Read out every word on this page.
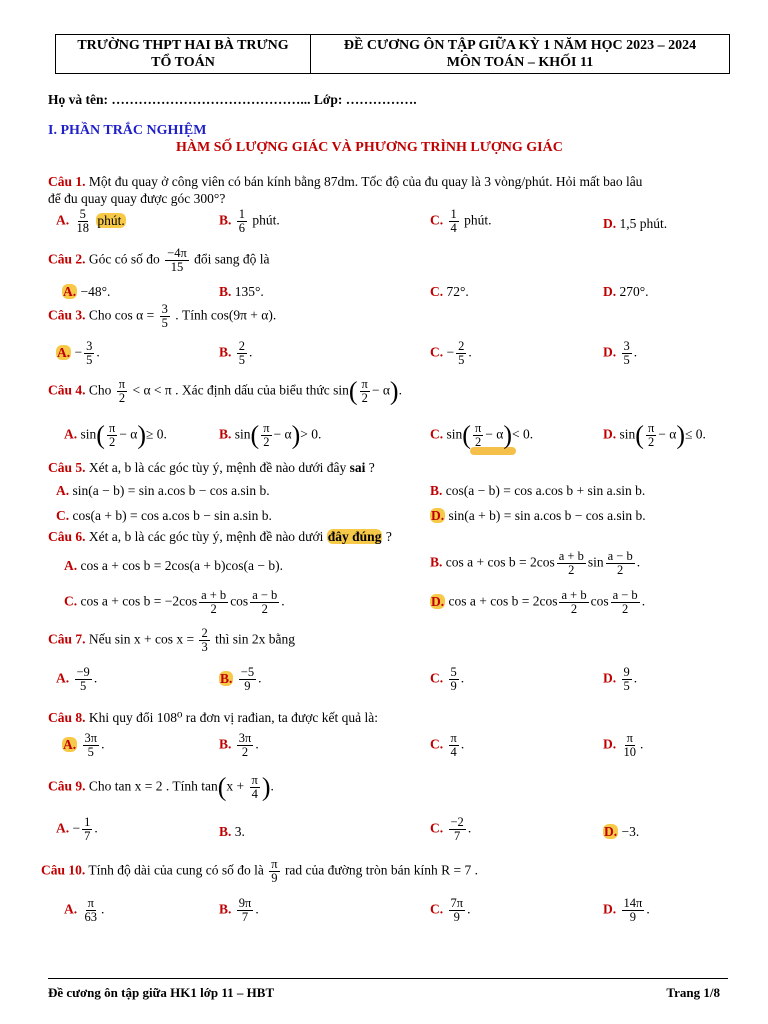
TRƯỜNG THPT HAI BÀ TRƯNG
TỔ TOÁN
ĐỀ CƯƠNG ÔN TẬP GIỮA KỲ 1 NĂM HỌC 2023 – 2024
MÔN TOÁN – KHỐI 11
Họ và tên: ……………………………………... Lớp: …………….
I. PHẦN TRẮC NGHIỆM
HÀM SỐ LƯỢNG GIÁC VÀ PHƯƠNG TRÌNH LƯỢNG GIÁC
Câu 1. Một đu quay ở công viên có bán kính bằng 87dm. Tốc độ của đu quay là 3 vòng/phút. Hỏi mất bao lâu
để đu quay quay được góc 300°?
A. $\frac{5}{18}$ phút.	B. $\frac{1}{6}$ phút.	C. $\frac{1}{4}$ phút.	D. 1,5 phút.
Câu 2. Góc có số đo $\frac{-4\pi}{15}$ đổi sang độ là
A. −48°.	B. 135°.	C. 72°.	D. 270°.
Câu 3. Cho $\cos \alpha = \frac{3}{5}$ . Tính cos(9π + α).
A. − $\frac{3}{5}$ .	B. $\frac{2}{5}$ .	C. − $\frac{2}{5}$ .	D. $\frac{3}{5}$ .
Câu 4. Cho $\frac{\pi}{2} < \alpha < \pi$ . Xác định dấu của biểu thức $\sin( \frac{\pi}{2} - \alpha)$.
A. $\sin( \frac{\pi}{2} - \alpha)\ge 0$.	B. $\sin( \frac{\pi}{2} - \alpha)> 0$.	C. $\sin( \frac{\pi}{2} - \alpha)< 0$.	D. $\sin( \frac{\pi}{2} - \alpha)\le 0$.
Câu 5. Xét a, b là các góc tùy ý, mệnh đề nào dưới đây sai ?
A. sin(a − b) = sin a.cos b − cos a.sin b.	B. cos(a − b) = cos a.cos b + sin a.sin b.
C. cos(a + b) = cos a.cos b − sin a.sin b.	D. sin(a + b) = sin a.cos b − cos a.sin b.
Câu 6. Xét a, b là các góc tùy ý, mệnh đề nào dưới đây đúng ?
A. cos a + cos b = 2cos(a + b)cos(a − b).	B. $\cos a + \cos b = 2\cos \frac{a + b}{2}$ $\sin \frac{a - b}{2}$ .
C. $\cos a + \cos b = -2\cos \frac{a + b}{2}$ $\cos \frac{a - b}{2}$ .	D. $\cos a + \cos b = 2\cos \frac{a + b}{2}$ $\cos \frac{a - b}{2}$ .
Câu 7. Nếu $\sin x + \cos x = \frac{2}{3}$ thì sin 2x bằng
A. $\frac{-9}{5}$ .	B. $\frac{-5}{9}$ .	C. $\frac{5}{9}$ .	D. $\frac{9}{5}$ .
Câu 8. Khi quy đổi 108⁰ ra đơn vị rađian, ta được kết quả là:
A. $\frac{3\pi}{5}$ .	B. $\frac{3\pi}{2}$ .	C. $\frac{\pi}{4}$ .	D. $\frac{\pi}{10}$ .
Câu 9. Cho tan x = 2 . Tính $\tan(x + \frac{\pi}{4}$ ).
A. − $\frac{1}{7}$ .	B. 3.	C. $\frac{-2}{7}$ .	D. −3.
Câu 10. Tính độ dài của cung có số đo là $\frac{\pi}{9}$ rad của đường tròn bán kính R = 7 .
A. $\frac{\pi}{63}$ .	B. $\frac{9\pi}{7}$ .	C. $\frac{7\pi}{9}$ .	D. $\frac{14\pi}{9}$ .
Đề cương ôn tập giữa HK1 lớp 11 – HBT	Trang 1/8
